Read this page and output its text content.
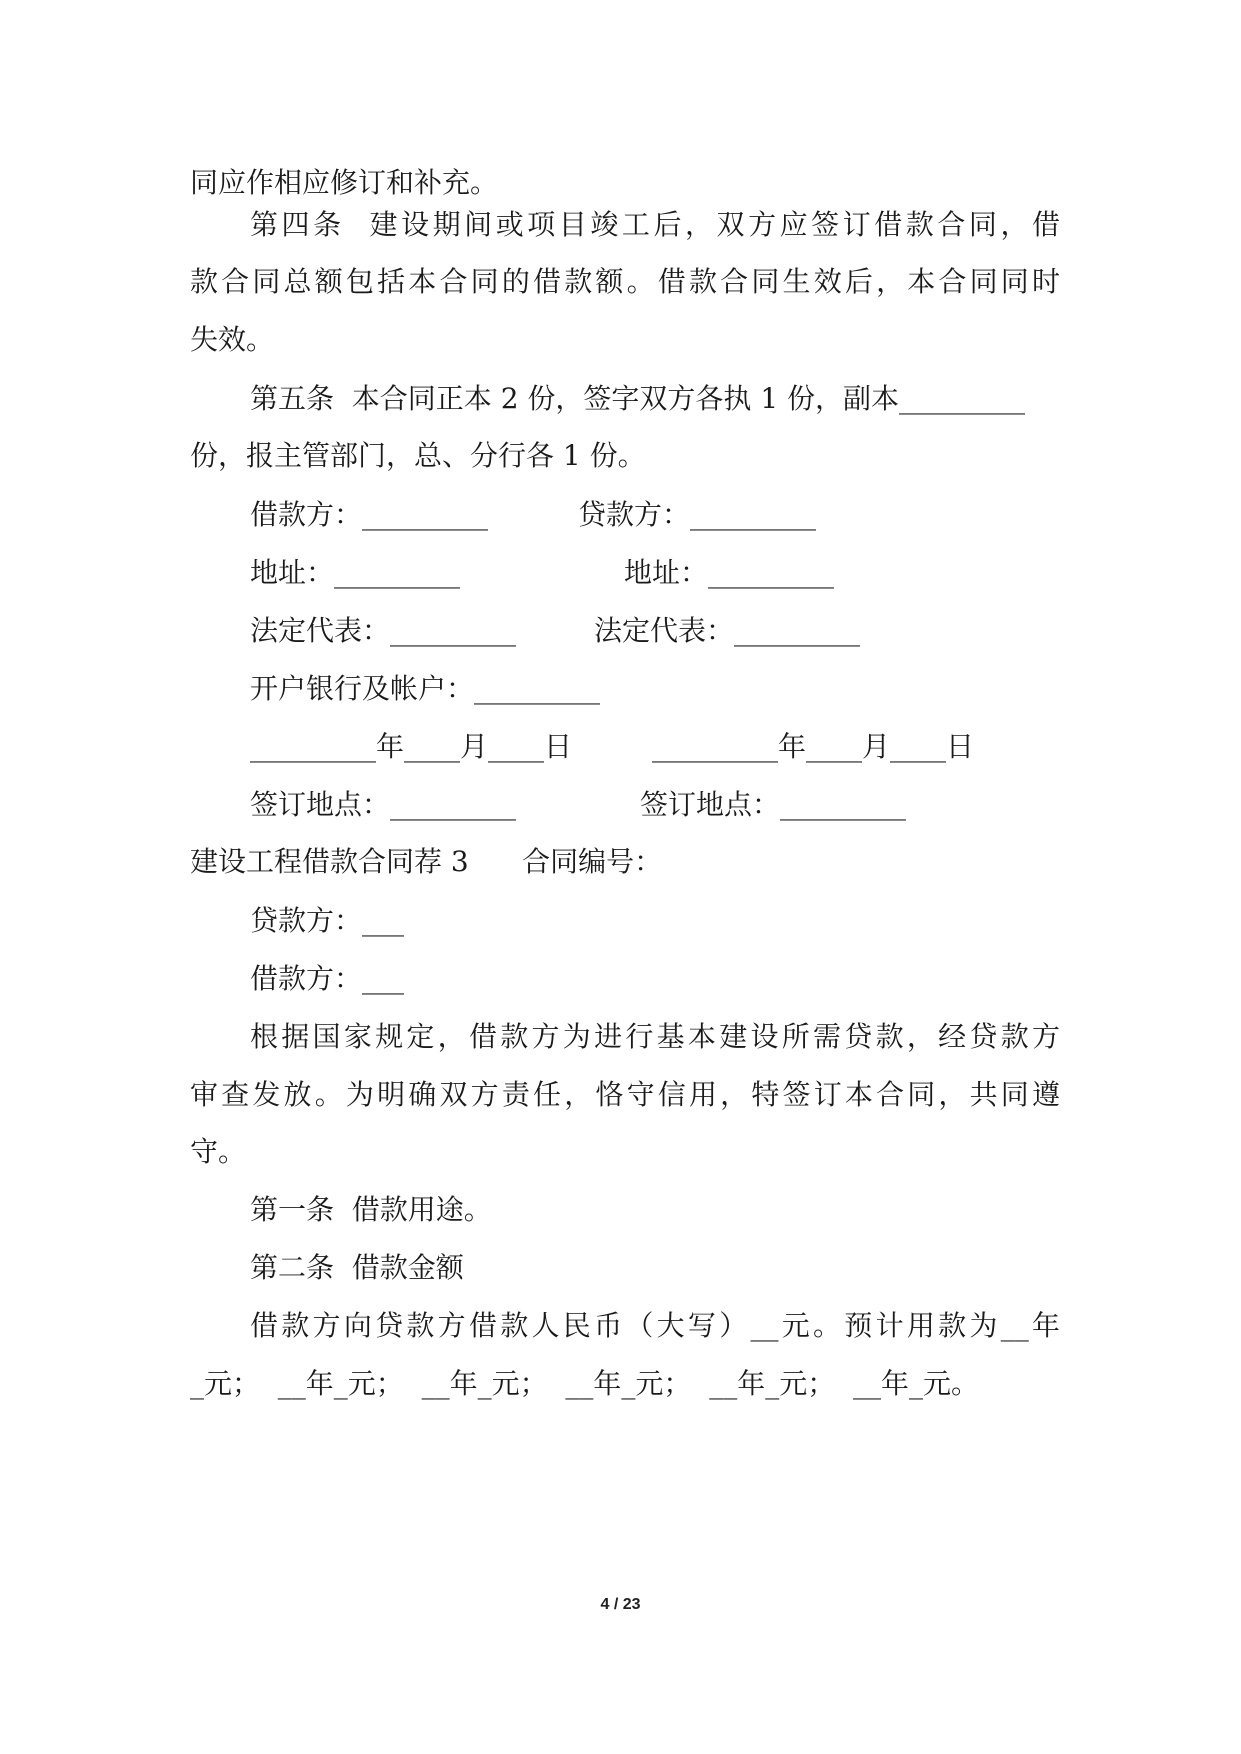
同应作相应修订和补充。
第四条  建设期间或项目竣工后，双方应签订借款合同，借
款合同总额包括本合同的借款额。借款合同生效后，本合同同时
失效。
第五条  本合同正本 2 份，签字双方各执 1 份，副本_________
份，报主管部门，总、分行各 1 份。
借款方：_________	贷款方：_________
地址：_________	地址：_________
法定代表：_________	法定代表：_________
开户银行及帐户：_________
_________年____月____日	_________年____月____日
签订地点：_________	签订地点：_________
建设工程借款合同荐 3      合同编号：
贷款方：___
借款方：___
根据国家规定，借款方为进行基本建设所需贷款，经贷款方
审查发放。为明确双方责任，恪守信用，特签订本合同，共同遵
守。
第一条  借款用途。
第二条  借款金额
借款方向贷款方借款人民币（大写）__元。预计用款为__年
_元；  __年_元；  __年_元；  __年_元；  __年_元；  __年_元。
4 / 23
